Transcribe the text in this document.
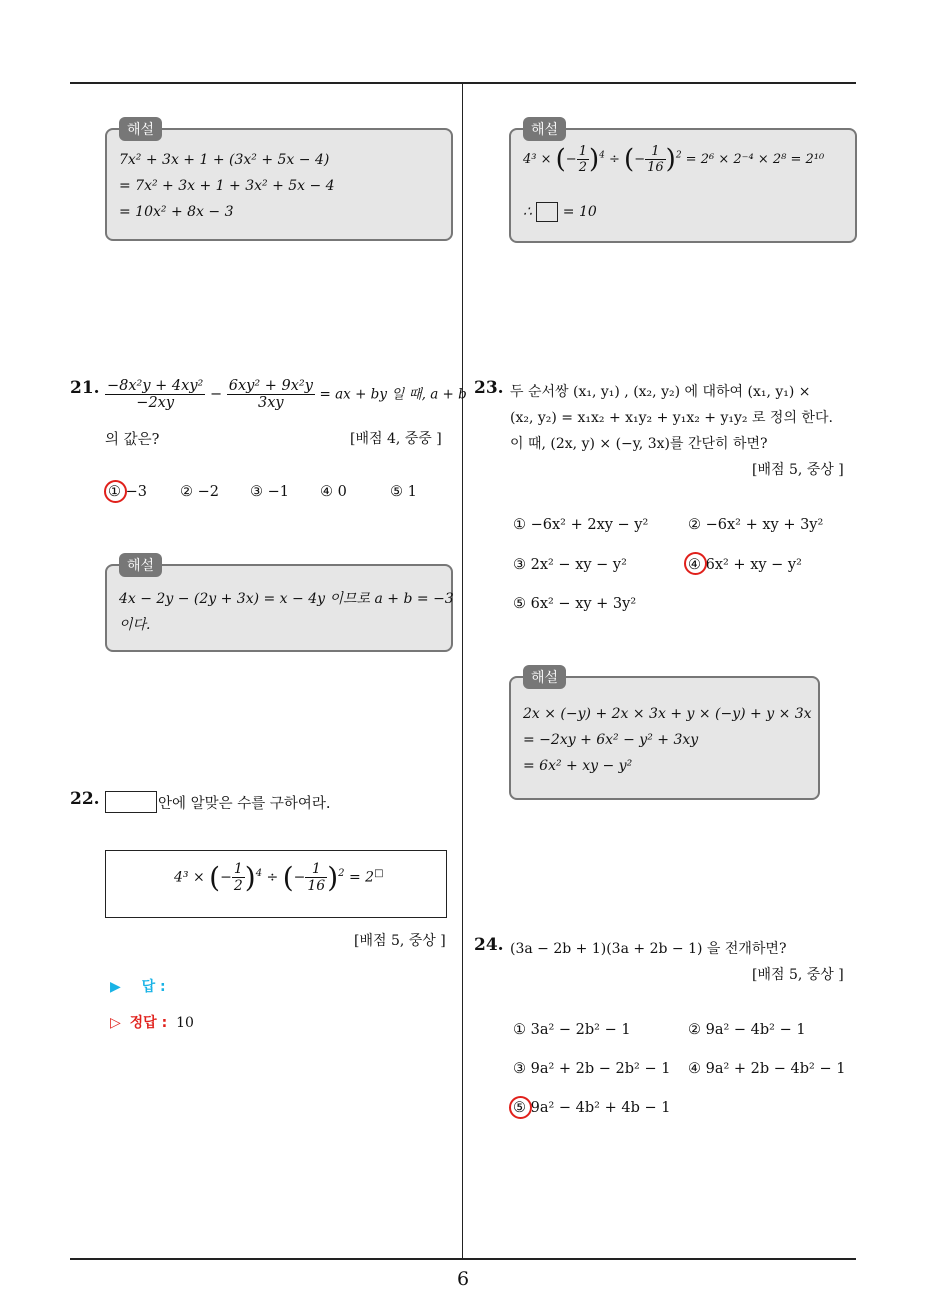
6
해설
7x² + 3x + 1 + (3x² + 5x − 4)
= 7x² + 3x + 1 + 3x² + 5x − 4
= 10x² + 8x − 3
21. $\frac{\text{−8x²y + 4xy²}}{-2xy} - \frac{\text{6xy² + 9x²y}}{3xy}$ = ax + by 일 때, a + b
의 값은?	[배점 4, 중중 ]
① −3 ② −2 ③ −1 ④ 0	⑤ 1
해설
4x − 2y − (2y + 3x) = x − 4y 이므로 a + b = −3
이다.
22.	안에 알맞은 수를 구하여라.
4³ × (− $\frac{1}{2} )^4$ ÷ (− $\frac{1}{16} )^2 = 2^□$
[배점 5, 중상 ]
▶ 답 :
▷ 정답 : 10
해설
4³ × (− $\frac{1}{2} )^4$ ÷ (− $\frac{1}{16} )^2 = 2^6 \times 2^{-4} \times 2^8 = 2^{10}$
∴  = 10
23. 두 순서쌍 (x₁, y₁) , (x₂, y₂) 에 대하여 (x₁, y₁) ×
(x₂, y₂) = x₁x₂ + x₁y₂ + y₁x₂ + y₁y₂ 로 정의 한다.
이 때, (2x, y) × (−y, 3x)를 간단히 하면?
[배점 5, 중상 ]
① −6x² + 2xy − y²	② −6x² + xy + 3y²
③ 2x² − xy − y²	④ 6x² + xy − y²
⑤ 6x² − xy + 3y²
해설
2x × (−y) + 2x × 3x + y × (−y) + y × 3x
= −2xy + 6x² − y² + 3xy
= 6x² + xy − y²
24. (3a − 2b + 1)(3a + 2b − 1) 을 전개하면?
[배점 5, 중상 ]
① 3a² − 2b² − 1	② 9a² − 4b² − 1
③ 9a² + 2b − 2b² − 1 ④ 9a² + 2b − 4b² − 1
⑤ 9a² − 4b² + 4b − 1
